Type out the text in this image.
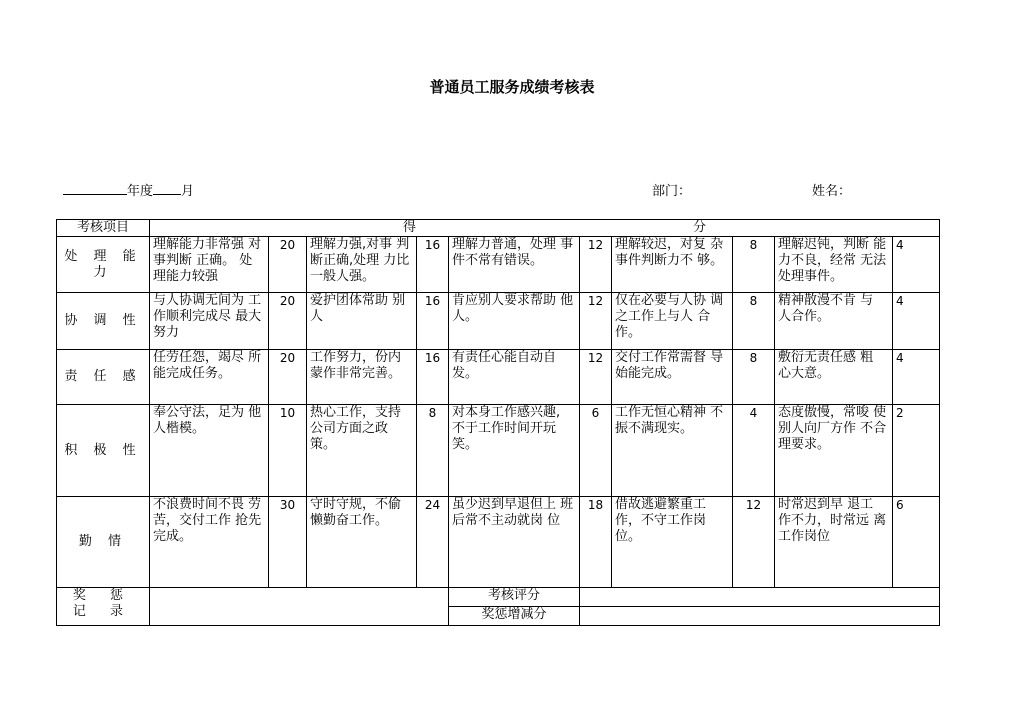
普通员工服务成绩考核表
年度 月	部门：	姓名：
考核项目	得 分									

处 理 能 力	理解能力非常强 对事判断 正确。 处理能力较强	20	理解力强,对事 判断正确,处理 力比一般人强。	16	理解力普通，处理 事件不常有错误。	12	理解较迟，对复 杂事件判断力不 够。	8	理解迟钝，判断 能力不良，经常 无法 处理事件。	4
协 调 性	与人协调无间为 工作顺利完成尽 最大努力	20	爱护团体常助 别人	16	肯应别人要求帮助 他人。	12	仅在必要与人协 调之工作上与人 合作。	8	精神散漫不肯 与 人合作。	4
责 任 感	任劳任怨，竭尽 所能完成任务。	20	工作努力，份内 蒙作非常完善。	16	有责任心能自动自 发。	12	交付工作常需督 导始能完成。	8	敷衍无责任感 粗 心大意。	4
积 极 性	奉公守法，足为 他人楷模。	10	热心工作，支持 公司方面之政 策。	8	对本身工作感兴趣, 不于工作时间开玩 笑。	6	工作无恒心精神 不振不满现实。	4	态度傲慢，常唆 使别人向厂方作 不合理要求。	2
勤 情	不浪费时间不畏 劳苦，交付工作 抢先完成。	30	守时守规，不偷 懒勤奋工作。	24	虽少迟到早退但上 班后常不主动就岗 位	18	借故逃避繁重工 作，不守工作岗 位。	12	时常迟到早 退工 作不力，时常远 离工作岗位	6
奖 惩 记 录					考核评分					
					奖惩增减分					
